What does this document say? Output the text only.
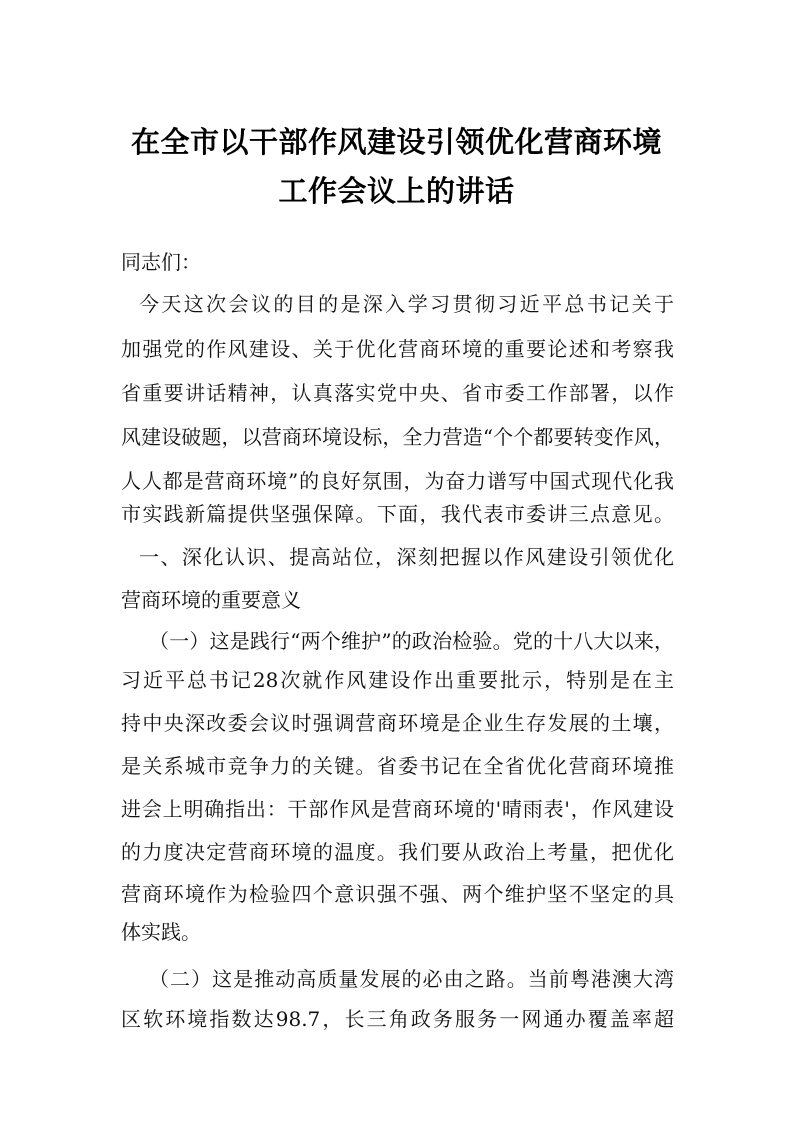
在全市以干部作风建设引领优化营商环境
工作会议上的讲话
同志们：
今天这次会议的目的是深入学习贯彻习近平总书记关于
加强党的作风建设、关于优化营商环境的重要论述和考察我
省重要讲话精神，认真落实党中央、省市委工作部署，以作
风建设破题，以营商环境设标，全力营造“个个都要转变作风，
人人都是营商环境”的良好氛围，为奋力谱写中国式现代化我
市实践新篇提供坚强保障。下面，我代表市委讲三点意见。
一、深化认识、提高站位，深刻把握以作风建设引领优化
营商环境的重要意义
（一）这是践行“两个维护”的政治检验。党的十八大以来，
习近平总书记28次就作风建设作出重要批示，特别是在主
持中央深改委会议时强调营商环境是企业生存发展的土壤，
是关系城市竞争力的关键。省委书记在全省优化营商环境推
进会上明确指出：干部作风是营商环境的'晴雨表'，作风建设
的力度决定营商环境的温度。我们要从政治上考量，把优化
营商环境作为检验四个意识强不强、两个维护坚不坚定的具
体实践。
（二）这是推动高质量发展的必由之路。当前粤港澳大湾
区软环境指数达98.7，长三角政务服务一网通办覆盖率超
